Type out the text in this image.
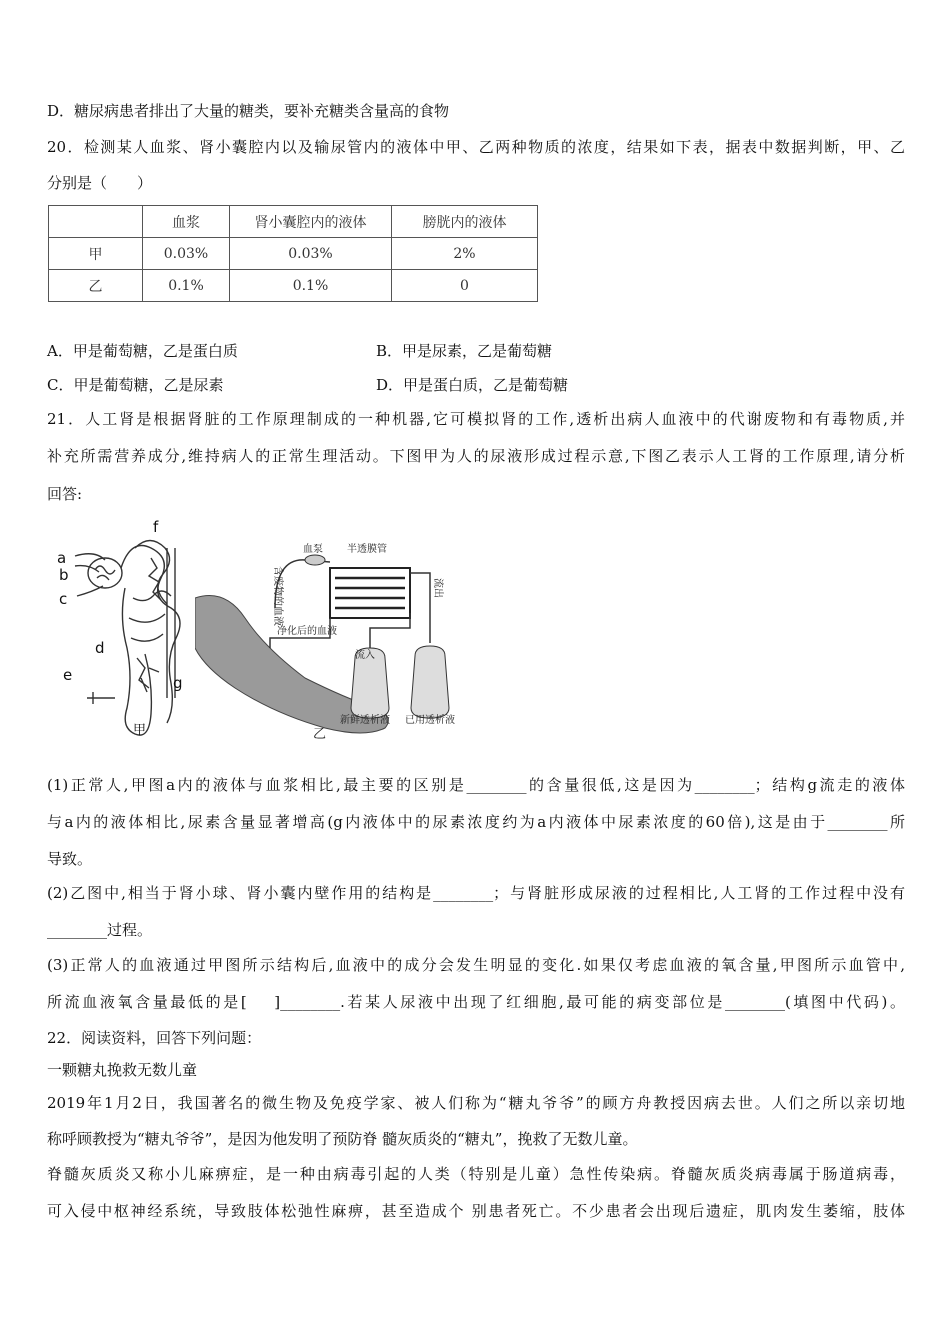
D．糖尿病患者排出了大量的糖类，要补充糖类含量高的食物
20．检测某人血浆、肾小囊腔内以及输尿管内的液体中甲、乙两种物质的浓度，结果如下表，据表中数据判断，甲、乙
分别是（　　）
	血浆	肾小囊腔内的液体	膀胱内的液体
甲	0.03%	0.03%	2%
乙	0.1%	0.1%	0
A．甲是葡萄糖，乙是蛋白质	B．甲是尿素，乙是葡萄糖
C．甲是葡萄糖，乙是尿素	D．甲是蛋白质，乙是葡萄糖
21．人工肾是根据肾脏的工作原理制成的一种机器,它可模拟肾的工作,透析出病人血液中的代谢废物和有毒物质,并
补充所需营养成分,维持病人的正常生理活动。下图甲为人的尿液形成过程示意,下图乙表示人工肾的工作原理,请分析
回答:
a
b
c
d
e
f
g
甲
血泵 半透膜管
净化后的血液
流入
新鲜透析液 已用透析液
乙
含废物的血液	流出
(1)正常人,甲图a内的液体与血浆相比,最主要的区别是________的含量很低,这是因为________；结构g流走的液体
与a内的液体相比,尿素含量显著增高(g内液体中的尿素浓度约为a内液体中尿素浓度的60倍),这是由于________所
导致。
(2)乙图中,相当于肾小球、肾小囊内壁作用的结构是________；与肾脏形成尿液的过程相比,人工肾的工作过程中没有
________过程。
(3)正常人的血液通过甲图所示结构后,血液中的成分会发生明显的变化.如果仅考虑血液的氧含量,甲图所示血管中,
所流血液氧含量最低的是[　 ]________.若某人尿液中出现了红细胞,最可能的病变部位是________(填图中代码)。
22．阅读资料，回答下列问题：
一颗糖丸挽救无数儿童
2019年1月2日，我国著名的微生物及免疫学家、被人们称为“糖丸爷爷”的顾方舟教授因病去世。人们之所以亲切地
称呼顾教授为“糖丸爷爷”，是因为他发明了预防脊 髓灰质炎的“糖丸”，挽救了无数儿童。
脊髓灰质炎又称小儿麻痹症，是一种由病毒引起的人类（特别是儿童）急性传染病。脊髓灰质炎病毒属于肠道病毒，
可入侵中枢神经系统，导致肢体松弛性麻痹，甚至造成个 别患者死亡。不少患者会出现后遗症，肌肉发生萎缩，肢体
